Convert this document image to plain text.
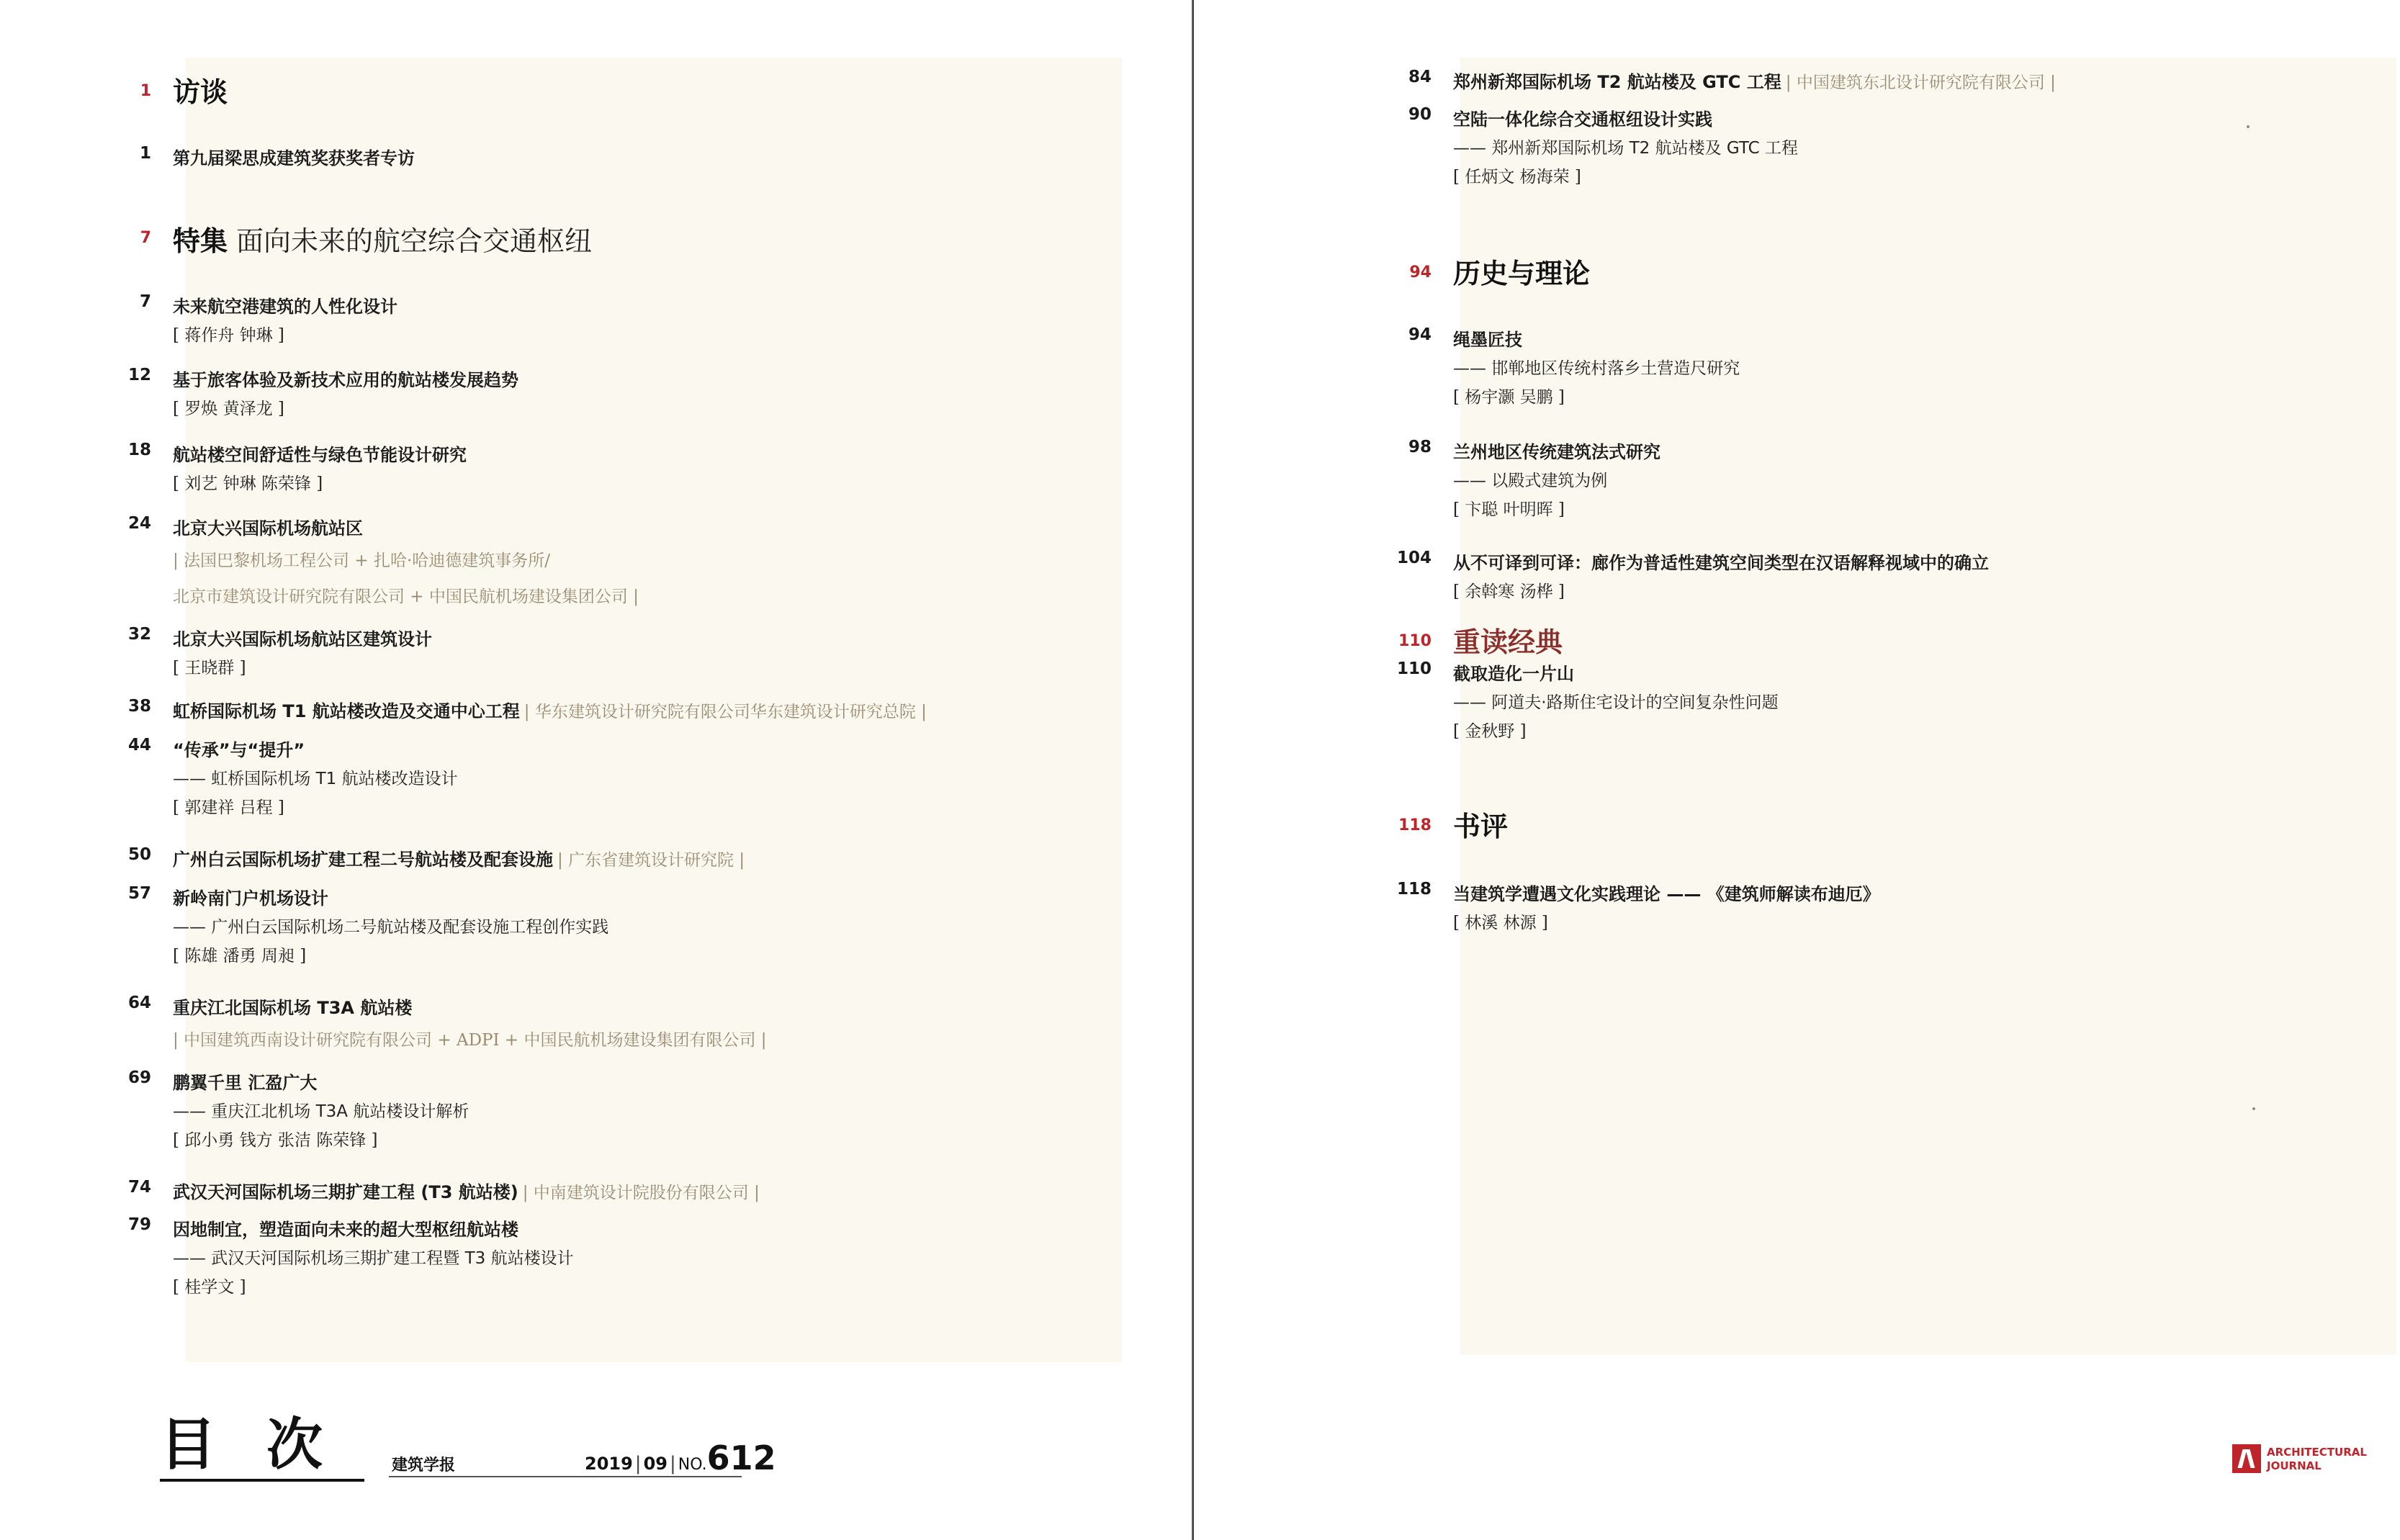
1 访谈
1 第九届梁思成建筑奖获奖者专访
7 特集 面向未来的航空综合交通枢纽
7 未来航空港建筑的人性化设计
[ 蒋作舟 钟琳 ]
12 基于旅客体验及新技术应用的航站楼发展趋势
[ 罗焕 黄泽龙 ]
18 航站楼空间舒适性与绿色节能设计研究
[ 刘艺 钟琳 陈荣锋 ]
24 北京大兴国际机场航站区
| 法国巴黎机场工程公司 + 扎哈·哈迪德建筑事务所/
北京市建筑设计研究院有限公司 + 中国民航机场建设集团公司 |
32 北京大兴国际机场航站区建筑设计
[ 王晓群 ]
38 虹桥国际机场 T1 航站楼改造及交通中心工程 | 华东建筑设计研究院有限公司华东建筑设计研究总院 |
44 “传承”与“提升”
—— 虹桥国际机场 T1 航站楼改造设计
[ 郭建祥 吕程 ]
50 广州白云国际机场扩建工程二号航站楼及配套设施 | 广东省建筑设计研究院 |
57 新岭南门户机场设计
—— 广州白云国际机场二号航站楼及配套设施工程创作实践
[ 陈雄 潘勇 周昶 ]
64 重庆江北国际机场 T3A 航站楼
| 中国建筑西南设计研究院有限公司 + ADPI + 中国民航机场建设集团有限公司 |
69 鹏翼千里 汇盈广大
—— 重庆江北机场 T3A 航站楼设计解析
[ 邱小勇 钱方 张洁 陈荣锋 ]
74 武汉天河国际机场三期扩建工程 (T3 航站楼) | 中南建筑设计院股份有限公司 |
79 因地制宜，塑造面向未来的超大型枢纽航站楼
—— 武汉天河国际机场三期扩建工程暨 T3 航站楼设计
[ 桂学文 ]
目次 建筑学报	2019 | 09 | NO.612
84 郑州新郑国际机场 T2 航站楼及 GTC 工程 | 中国建筑东北设计研究院有限公司 |
90 空陆一体化综合交通枢纽设计实践
—— 郑州新郑国际机场 T2 航站楼及 GTC 工程
[ 任炳文 杨海荣 ]
94 历史与理论
94 绳墨匠技
—— 邯郸地区传统村落乡土营造尺研究
[ 杨宇灏 吴鹏 ]
98 兰州地区传统建筑法式研究
—— 以殿式建筑为例
[ 卞聪 叶明晖 ]
104 从不可译到可译：廊作为普适性建筑空间类型在汉语解释视域中的确立
[ 余斡寒 汤桦 ]
110 重读经典
110 截取造化一片山
—— 阿道夫·路斯住宅设计的空间复杂性问题
[ 金秋野 ]
118 书评
118 当建筑学遭遇文化实践理论 —— 《建筑师解读布迪厄》
[ 林溪 林源 ]
ARCHITECTURAL
JOURNAL
